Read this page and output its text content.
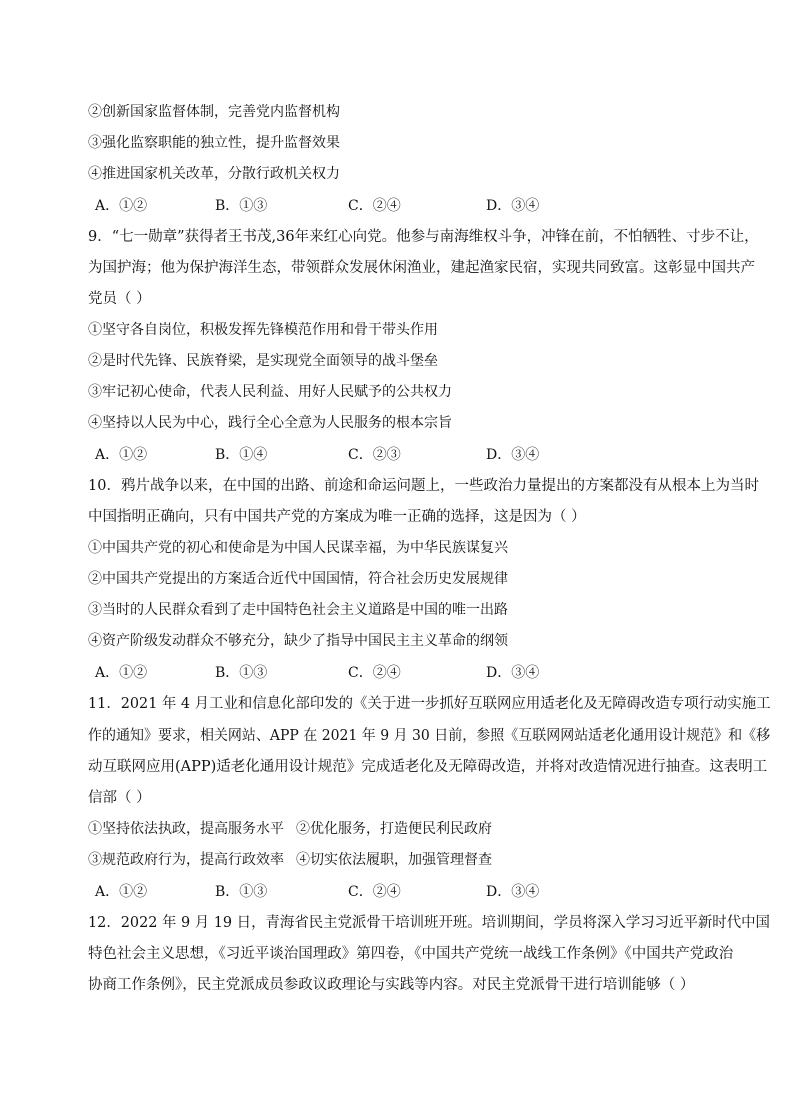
②创新国家监督体制，完善党内监督机构
③强化监察职能的独立性，提升监督效果
④推进国家机关改革，分散行政机关权力
A．①②	B．①③	C．②④	D．③④
9．“七一勋章”获得者王书茂,36年来红心向党。他参与南海维权斗争，冲锋在前，不怕牺牲、寸步不让，
为国护海；他为保护海洋生态，带领群众发展休闲渔业，建起渔家民宿，实现共同致富。这彰显中国共产
党员（ ）
①坚守各自岗位，积极发挥先锋模范作用和骨干带头作用
②是时代先锋、民族脊梁，是实现党全面领导的战斗堡垒
③牢记初心使命，代表人民利益、用好人民赋予的公共权力
④坚持以人民为中心，践行全心全意为人民服务的根本宗旨
A．①②	B．①④	C．②③	D．③④
10．鸦片战争以来，在中国的出路、前途和命运问题上，一些政治力量提出的方案都没有从根本上为当时
中国指明正确向，只有中国共产党的方案成为唯一正确的选择，这是因为（ ）
①中国共产党的初心和使命是为中国人民谋幸福，为中华民族谋复兴
②中国共产党提出的方案适合近代中国国情，符合社会历史发展规律
③当时的人民群众看到了走中国特色社会主义道路是中国的唯一出路
④资产阶级发动群众不够充分，缺少了指导中国民主主义革命的纲领
A．①②	B．①③	C．②④	D．③④
11．2021 年 4 月工业和信息化部印发的《关于进一步抓好互联网应用适老化及无障碍改造专项行动实施工
作的通知》要求，相关网站、APP 在 2021 年 9 月 30 日前，参照《互联网网站适老化通用设计规范》和《移
动互联网应用(APP)适老化通用设计规范》完成适老化及无障碍改造，并将对改造情况进行抽查。这表明工
信部（ ）
①坚持依法执政，提高服务水平 ②优化服务，打造便民利民政府
③规范政府行为，提高行政效率 ④切实依法履职，加强管理督查
A．①②	B．①③	C．②④	D．③④
12．2022 年 9 月 19 日，青海省民主党派骨干培训班开班。培训期间，学员将深入学习习近平新时代中国
特色社会主义思想，《习近平谈治国理政》第四卷，《中国共产党统一战线工作条例》《中国共产党政治
协商工作条例》，民主党派成员参政议政理论与实践等内容。对民主党派骨干进行培训能够（ ）
